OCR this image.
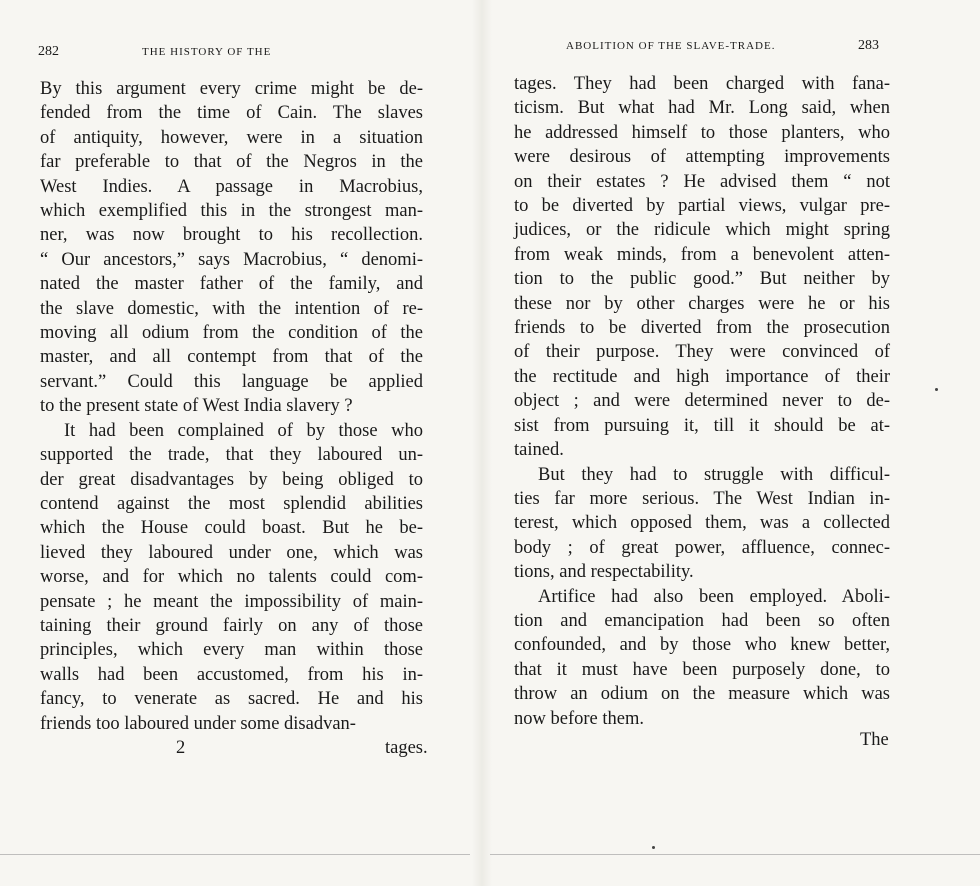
282	THE HISTORY OF THE
By this argument every crime might be de-
fended from the time of Cain. The slaves
of antiquity, however, were in a situation
far preferable to that of the Negros in the
West Indies. A passage in Macrobius,
which exemplified this in the strongest man-
ner, was now brought to his recollection.
“ Our ancestors,” says Macrobius, “ denomi-
nated the master father of the family, and
the slave domestic, with the intention of re-
moving all odium from the condition of the
master, and all contempt from that of the
servant.” Could this language be applied
to the present state of West India slavery ?
It had been complained of by those who
supported the trade, that they laboured un-
der great disadvantages by being obliged to
contend against the most splendid abilities
which the House could boast. But he be-
lieved they laboured under one, which was
worse, and for which no talents could com-
pensate ; he meant the impossibility of main-
taining their ground fairly on any of those
principles, which every man within those
walls had been accustomed, from his in-
fancy, to venerate as sacred. He and his
friends too laboured under some disadvan-
2	tages.
ABOLITION OF THE SLAVE-TRADE.	283
tages. They had been charged with fana-
ticism. But what had Mr. Long said, when
he addressed himself to those planters, who
were desirous of attempting improvements
on their estates ? He advised them “ not
to be diverted by partial views, vulgar pre-
judices, or the ridicule which might spring
from weak minds, from a benevolent atten-
tion to the public good.” But neither by
these nor by other charges were he or his
friends to be diverted from the prosecution
of their purpose. They were convinced of
the rectitude and high importance of their
object ; and were determined never to de-
sist from pursuing it, till it should be at-
tained.
But they had to struggle with difficul-
ties far more serious. The West Indian in-
terest, which opposed them, was a collected
body ; of great power, affluence, connec-
tions, and respectability.
Artifice had also been employed. Aboli-
tion and emancipation had been so often
confounded, and by those who knew better,
that it must have been purposely done, to
throw an odium on the measure which was
now before them.
The
